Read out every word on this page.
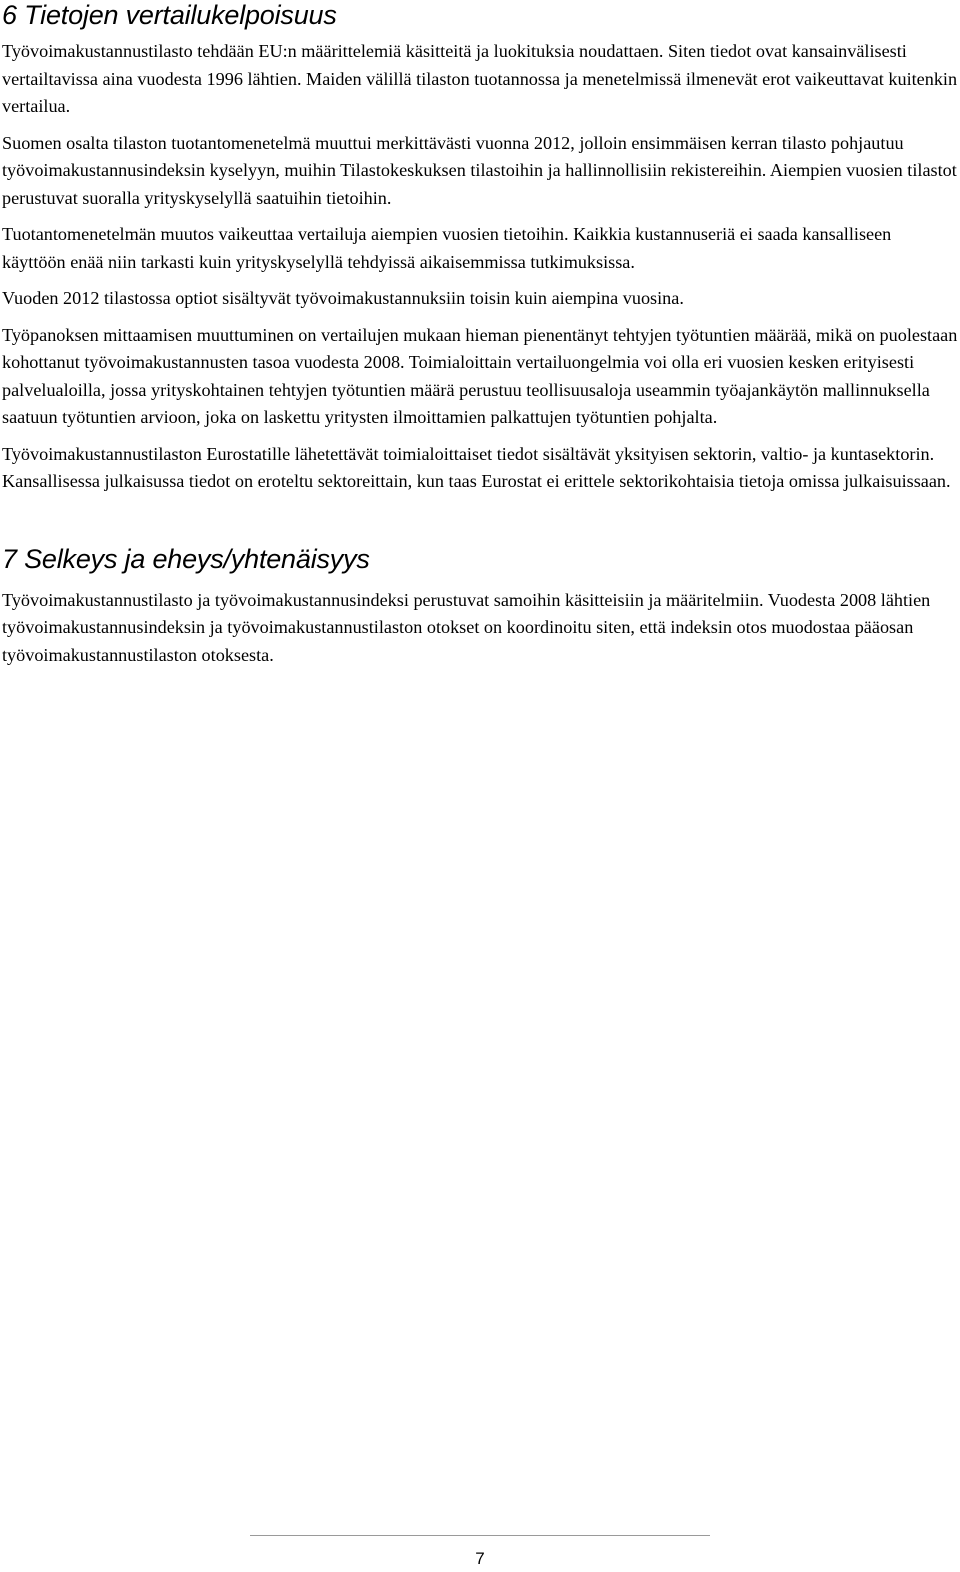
6 Tietojen vertailukelpoisuus

Työvoimakustannustilasto tehdään EU:n määrittelemiä käsitteitä ja luokituksia noudattaen. Siten tiedot ovat kansainvälisesti vertailtavissa aina vuodesta 1996 lähtien. Maiden välillä tilaston tuotannossa ja menetelmissä ilmenevät erot vaikeuttavat kuitenkin vertailua.

Suomen osalta tilaston tuotantomenetelmä muuttui merkittävästi vuonna 2012, jolloin ensimmäisen kerran tilasto pohjautuu työvoimakustannusindeksin kyselyyn, muihin Tilastokeskuksen tilastoihin ja hallinnollisiin rekistereihin. Aiempien vuosien tilastot perustuvat suoralla yrityskyselyllä saatuihin tietoihin.

Tuotantomenetelmän muutos vaikeuttaa vertailuja aiempien vuosien tietoihin. Kaikkia kustannuseriä ei saada kansalliseen käyttöön enää niin tarkasti kuin yrityskyselyllä tehdyissä aikaisemmissa tutkimuksissa.

Vuoden 2012 tilastossa optiot sisältyvät työvoimakustannuksiin toisin kuin aiempina vuosina.

Työpanoksen mittaamisen muuttuminen on vertailujen mukaan hieman pienentänyt tehtyjen työtuntien määrää, mikä on puolestaan kohottanut työvoimakustannusten tasoa vuodesta 2008. Toimialoittain vertailuongelmia voi olla eri vuosien kesken erityisesti palvelualoilla, jossa yrityskohtainen tehtyjen työtuntien määrä perustuu teollisuusaloja useammin työajankäytön mallinnuksella saatuun työtuntien arvioon, joka on laskettu yritysten ilmoittamien palkattujen työtuntien pohjalta.

Työvoimakustannustilaston Eurostatille lähetettävät toimialoittaiset tiedot sisältävät yksityisen sektorin, valtio- ja kuntasektorin. Kansallisessa julkaisussa tiedot on eroteltu sektoreittain, kun taas Eurostat ei erittele sektorikohtaisia tietoja omissa julkaisuissaan.

7 Selkeys ja eheys/yhtenäisyys

Työvoimakustannustilasto ja työvoimakustannusindeksi perustuvat samoihin käsitteisiin ja määritelmiin. Vuodesta 2008 lähtien työvoimakustannusindeksin ja työvoimakustannustilaston otokset on koordinoitu siten, että indeksin otos muodostaa pääosan työvoimakustannustilaston otoksesta.

7
